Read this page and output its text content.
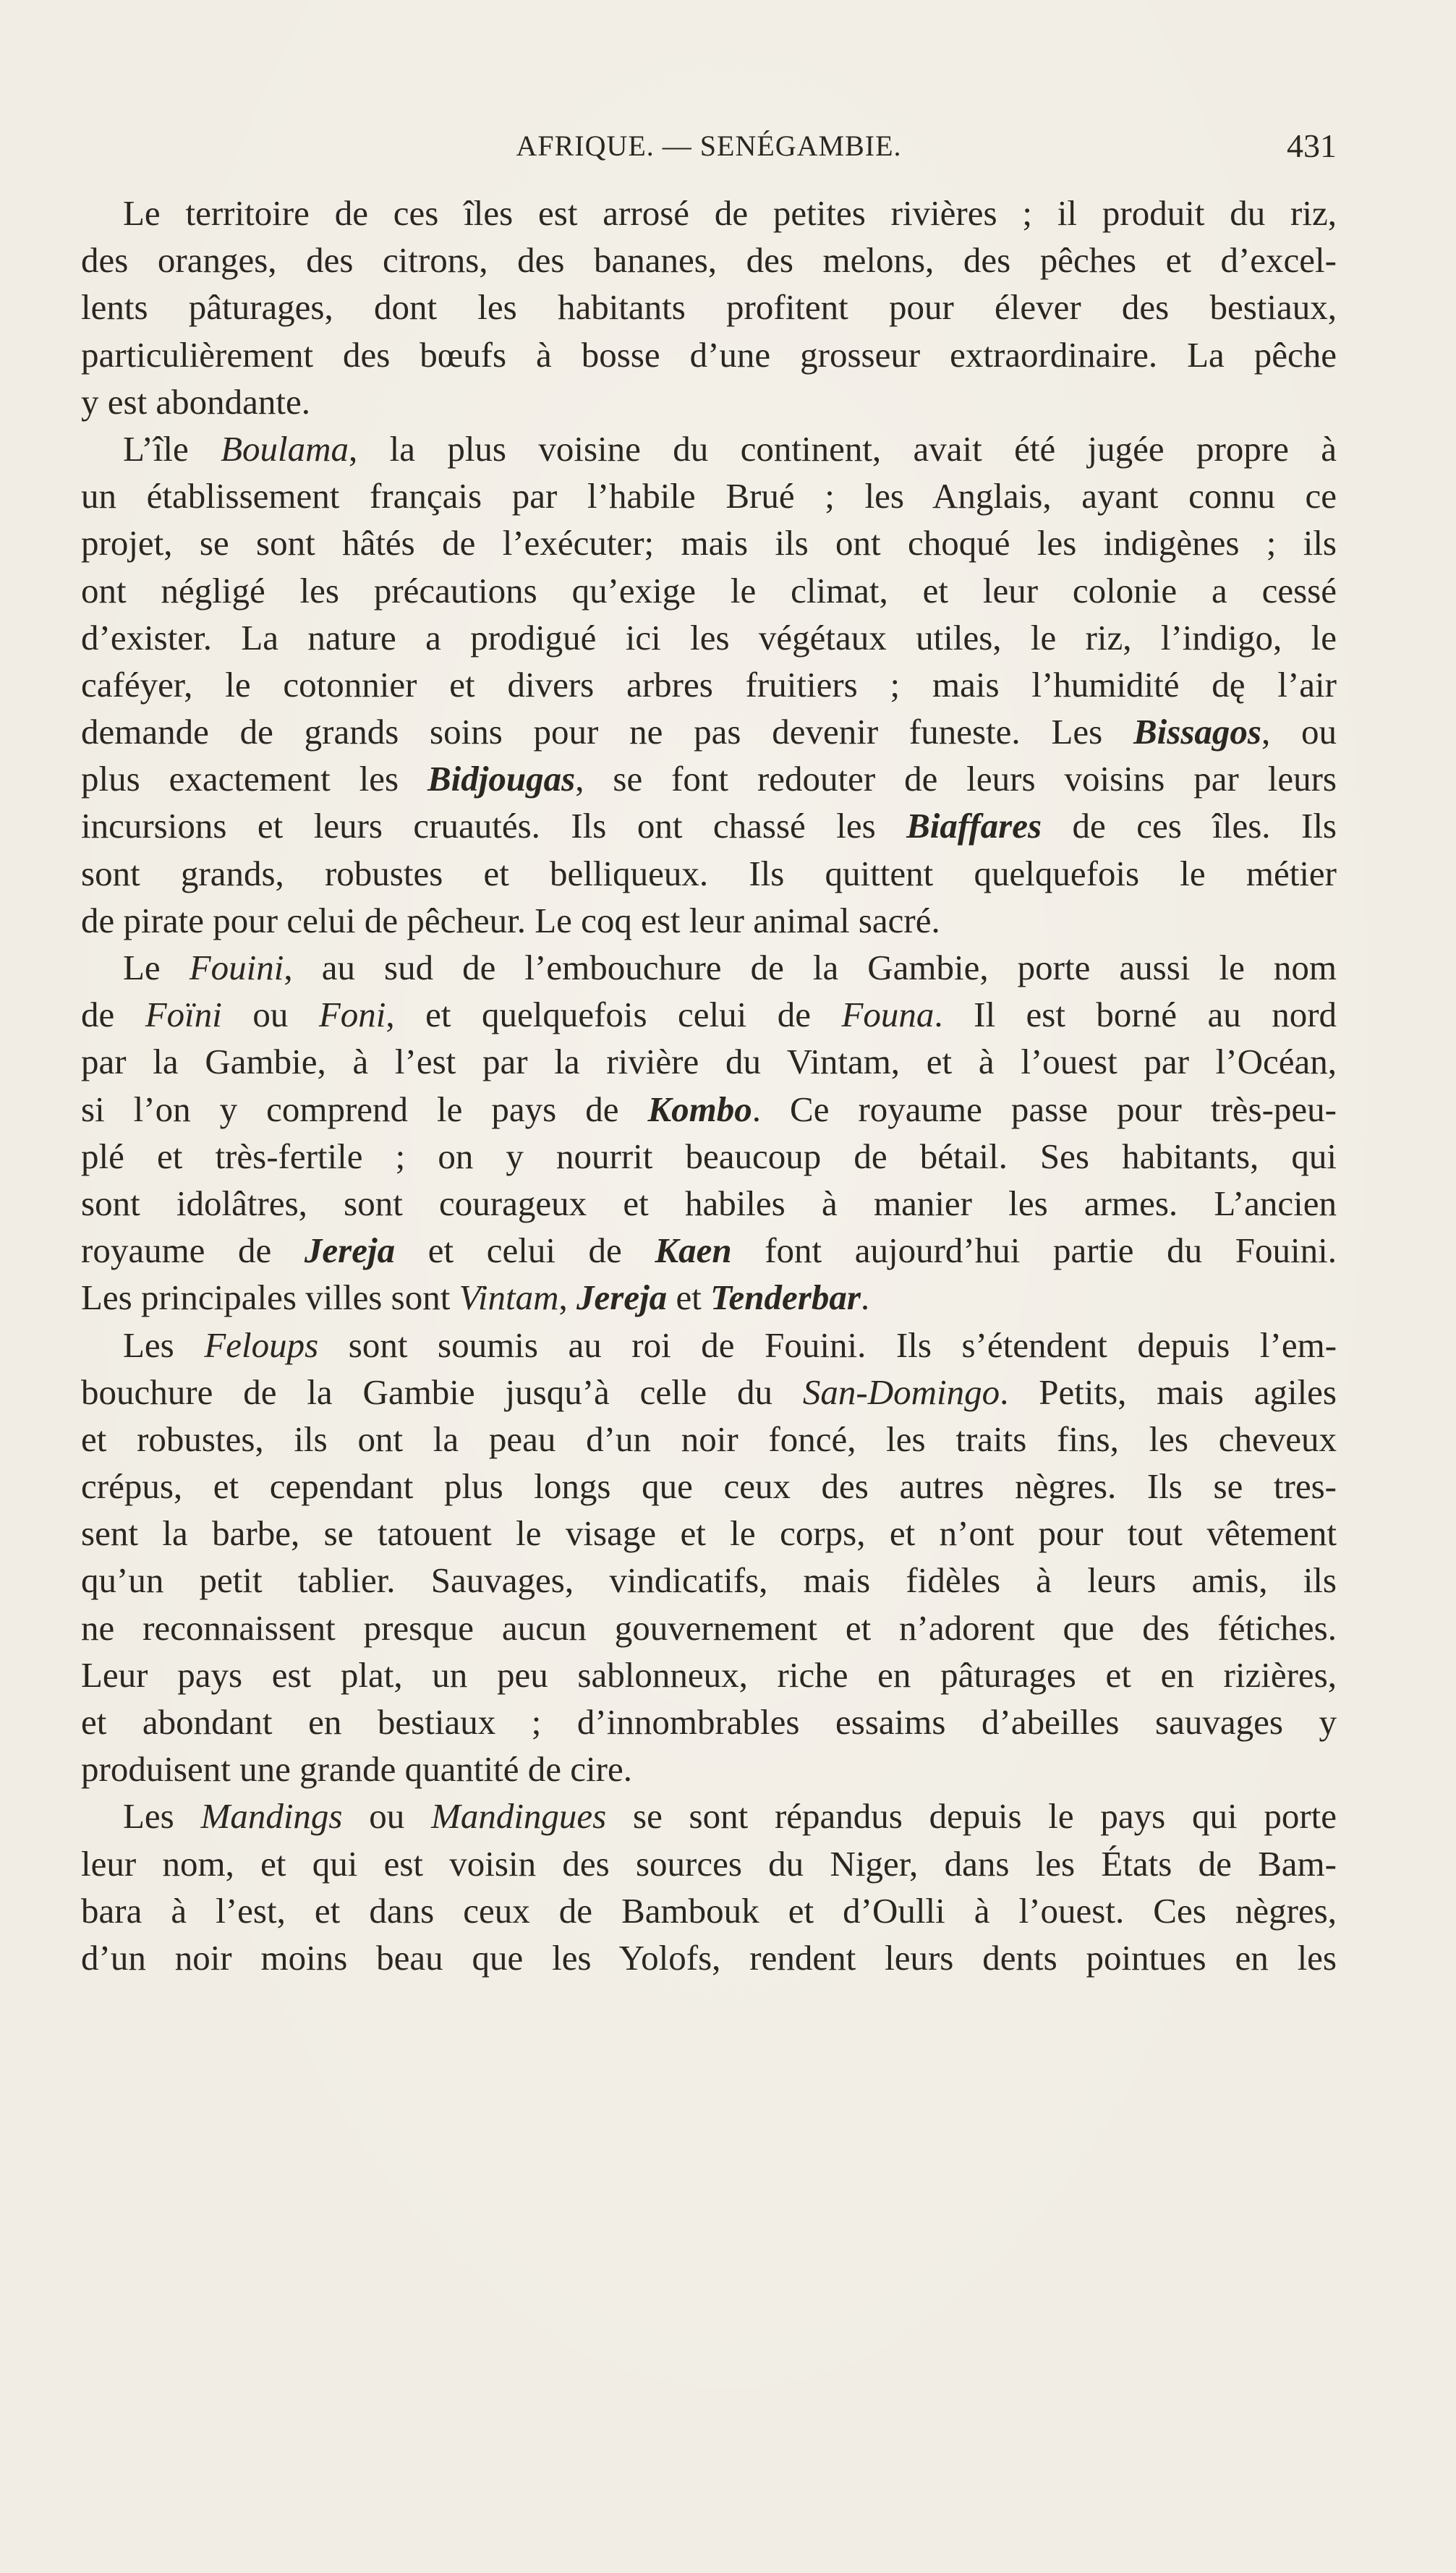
AFRIQUE. — SENÉGAMBIE.	431
Le territoire de ces îles est arrosé de petites rivières ; il produit du riz,
des oranges, des citrons, des bananes, des melons, des pêches et d’excel-
lents pâturages, dont les habitants profitent pour élever des bestiaux,
particulièrement des bœufs à bosse d’une grosseur extraordinaire. La pêche
y est abondante.
L’île Boulama, la plus voisine du continent, avait été jugée propre à
un établissement français par l’habile Brué ; les Anglais, ayant connu ce
projet, se sont hâtés de l’exécuter; mais ils ont choqué les indigènes ; ils
ont négligé les précautions qu’exige le climat, et leur colonie a cessé
d’exister. La nature a prodigué ici les végétaux utiles, le riz, l’indigo, le
caféyer, le cotonnier et divers arbres fruitiers ; mais l’humidité dę l’air
demande de grands soins pour ne pas devenir funeste. Les Bissagos, ou
plus exactement les Bidjougas, se font redouter de leurs voisins par leurs
incursions et leurs cruautés. Ils ont chassé les Biaffares de ces îles. Ils
sont grands, robustes et belliqueux. Ils quittent quelquefois le métier
de pirate pour celui de pêcheur. Le coq est leur animal sacré.
Le Fouini, au sud de l’embouchure de la Gambie, porte aussi le nom
de Foïni ou Foni, et quelquefois celui de Founa. Il est borné au nord
par la Gambie, à l’est par la rivière du Vintam, et à l’ouest par l’Océan,
si l’on y comprend le pays de Kombo. Ce royaume passe pour très-peu-
plé et très-fertile ; on y nourrit beaucoup de bétail. Ses habitants, qui
sont idolâtres, sont courageux et habiles à manier les armes. L’ancien
royaume de Jereja et celui de Kaen font aujourd’hui partie du Fouini.
Les principales villes sont Vintam, Jereja et Tenderbar.
Les Feloups sont soumis au roi de Fouini. Ils s’étendent depuis l’em-
bouchure de la Gambie jusqu’à celle du San-Domingo. Petits, mais agiles
et robustes, ils ont la peau d’un noir foncé, les traits fins, les cheveux
crépus, et cependant plus longs que ceux des autres nègres. Ils se tres-
sent la barbe, se tatouent le visage et le corps, et n’ont pour tout vêtement
qu’un petit tablier. Sauvages, vindicatifs, mais fidèles à leurs amis, ils
ne reconnaissent presque aucun gouvernement et n’adorent que des fétiches.
Leur pays est plat, un peu sablonneux, riche en pâturages et en rizières,
et abondant en bestiaux ; d’innombrables essaims d’abeilles sauvages y
produisent une grande quantité de cire.
Les Mandings ou Mandingues se sont répandus depuis le pays qui porte
leur nom, et qui est voisin des sources du Niger, dans les États de Bam-
bara à l’est, et dans ceux de Bambouk et d’Oulli à l’ouest. Ces nègres,
d’un noir moins beau que les Yolofs, rendent leurs dents pointues en les
